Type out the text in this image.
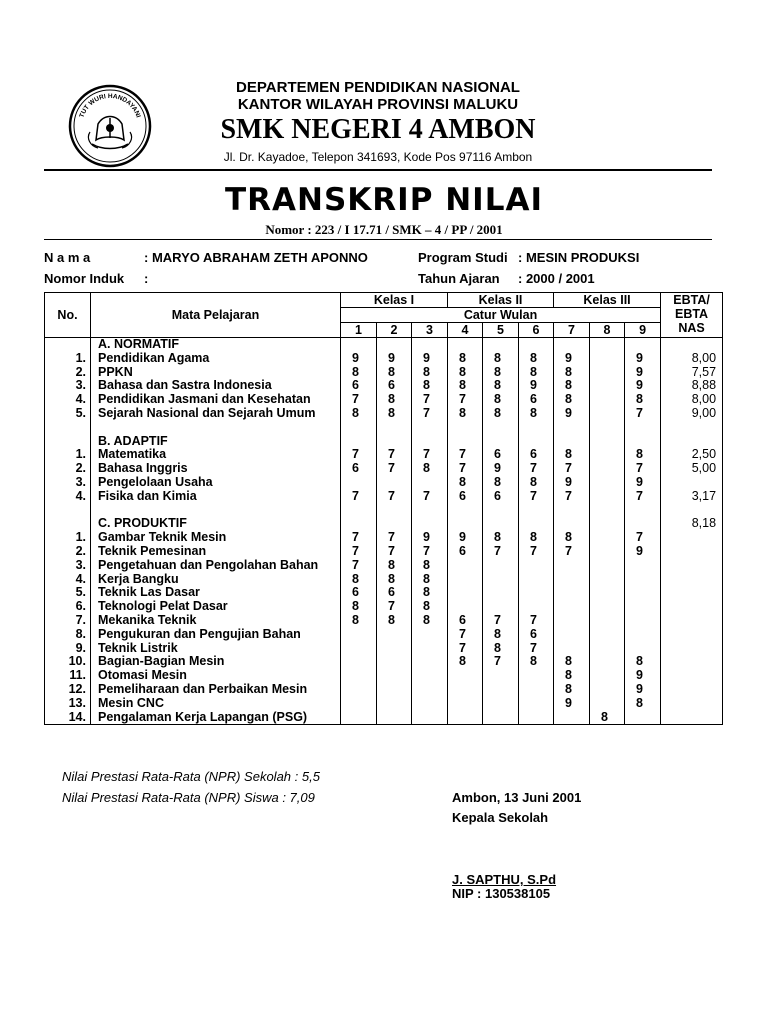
TUT WURI HANDAYANI
DEPARTEMEN PENDIDIKAN NASIONAL
KANTOR WILAYAH PROVINSI MALUKU
SMK NEGERI 4 AMBON
Jl. Dr. Kayadoe, Telepon 341693, Kode Pos 97116 Ambon
TRANSKRIP NILAI
Nomor : 223 / I 17.71 / SMK – 4 / PP / 2001
N a m a	: MARYO ABRAHAM ZETH APONNO
Nomor Induk :
Program Studi : MESIN PRODUKSI
Tahun Ajaran : 2000 / 2001
No.	Mata Pelajaran	Kelas I			Kelas II			Kelas III			EBTA/ EBTA NAS
		Catur Wulan									
		1	2	3	4	5	6	7	8	9	
	A. NORMATIF										
1.	Pendidikan Agama	9	9	9	8	8	8	9		9	8,00
2.	PPKN	8	8	8	8	8	8	8		9	7,57
3.	Bahasa dan Sastra Indonesia	6	6	8	8	8	9	8		9	8,88
4.	Pendidikan Jasmani dan Kesehatan	7	8	7	7	8	6	8		8	8,00
5.	Sejarah Nasional dan Sejarah Umum	8	8	7	8	8	8	9		7	9,00

	B. ADAPTIF										
1.	Matematika	7	7	7	7	6	6	8		8	2,50
2.	Bahasa Inggris	6	7	8	7	9	7	7		7	5,00
3.	Pengelolaan Usaha				8	8	8	9		9	
4.	Fisika dan Kimia	7	7	7	6	6	7	7		7	3,17

	C. PRODUKTIF										8,18
1.	Gambar Teknik Mesin	7	7	9	9	8	8	8		7	
2.	Teknik Pemesinan	7	7	7	6	7	7	7		9	
3.	Pengetahuan dan Pengolahan Bahan	7	8	8							
4.	Kerja Bangku	8	8	8							
5.	Teknik Las Dasar	6	6	8							
6.	Teknologi Pelat Dasar	8	7	8							
7.	Mekanika Teknik	8	8	8	6	7	7				
8.	Pengukuran dan Pengujian Bahan				7	8	6				
9.	Teknik Listrik				7	8	7				
10.	Bagian-Bagian Mesin				8	7	8	8		8	
11.	Otomasi Mesin							8		9	
12.	Pemeliharaan dan Perbaikan Mesin							8		9	
13.	Mesin CNC							9		8	
14.	Pengalaman Kerja Lapangan (PSG)								8		
Nilai Prestasi Rata-Rata (NPR) Sekolah : 5,5
Nilai Prestasi Rata-Rata (NPR) Siswa : 7,09	Ambon, 13 Juni 2001
Kepala Sekolah
J. SAPTHU, S.Pd
NIP : 130538105
